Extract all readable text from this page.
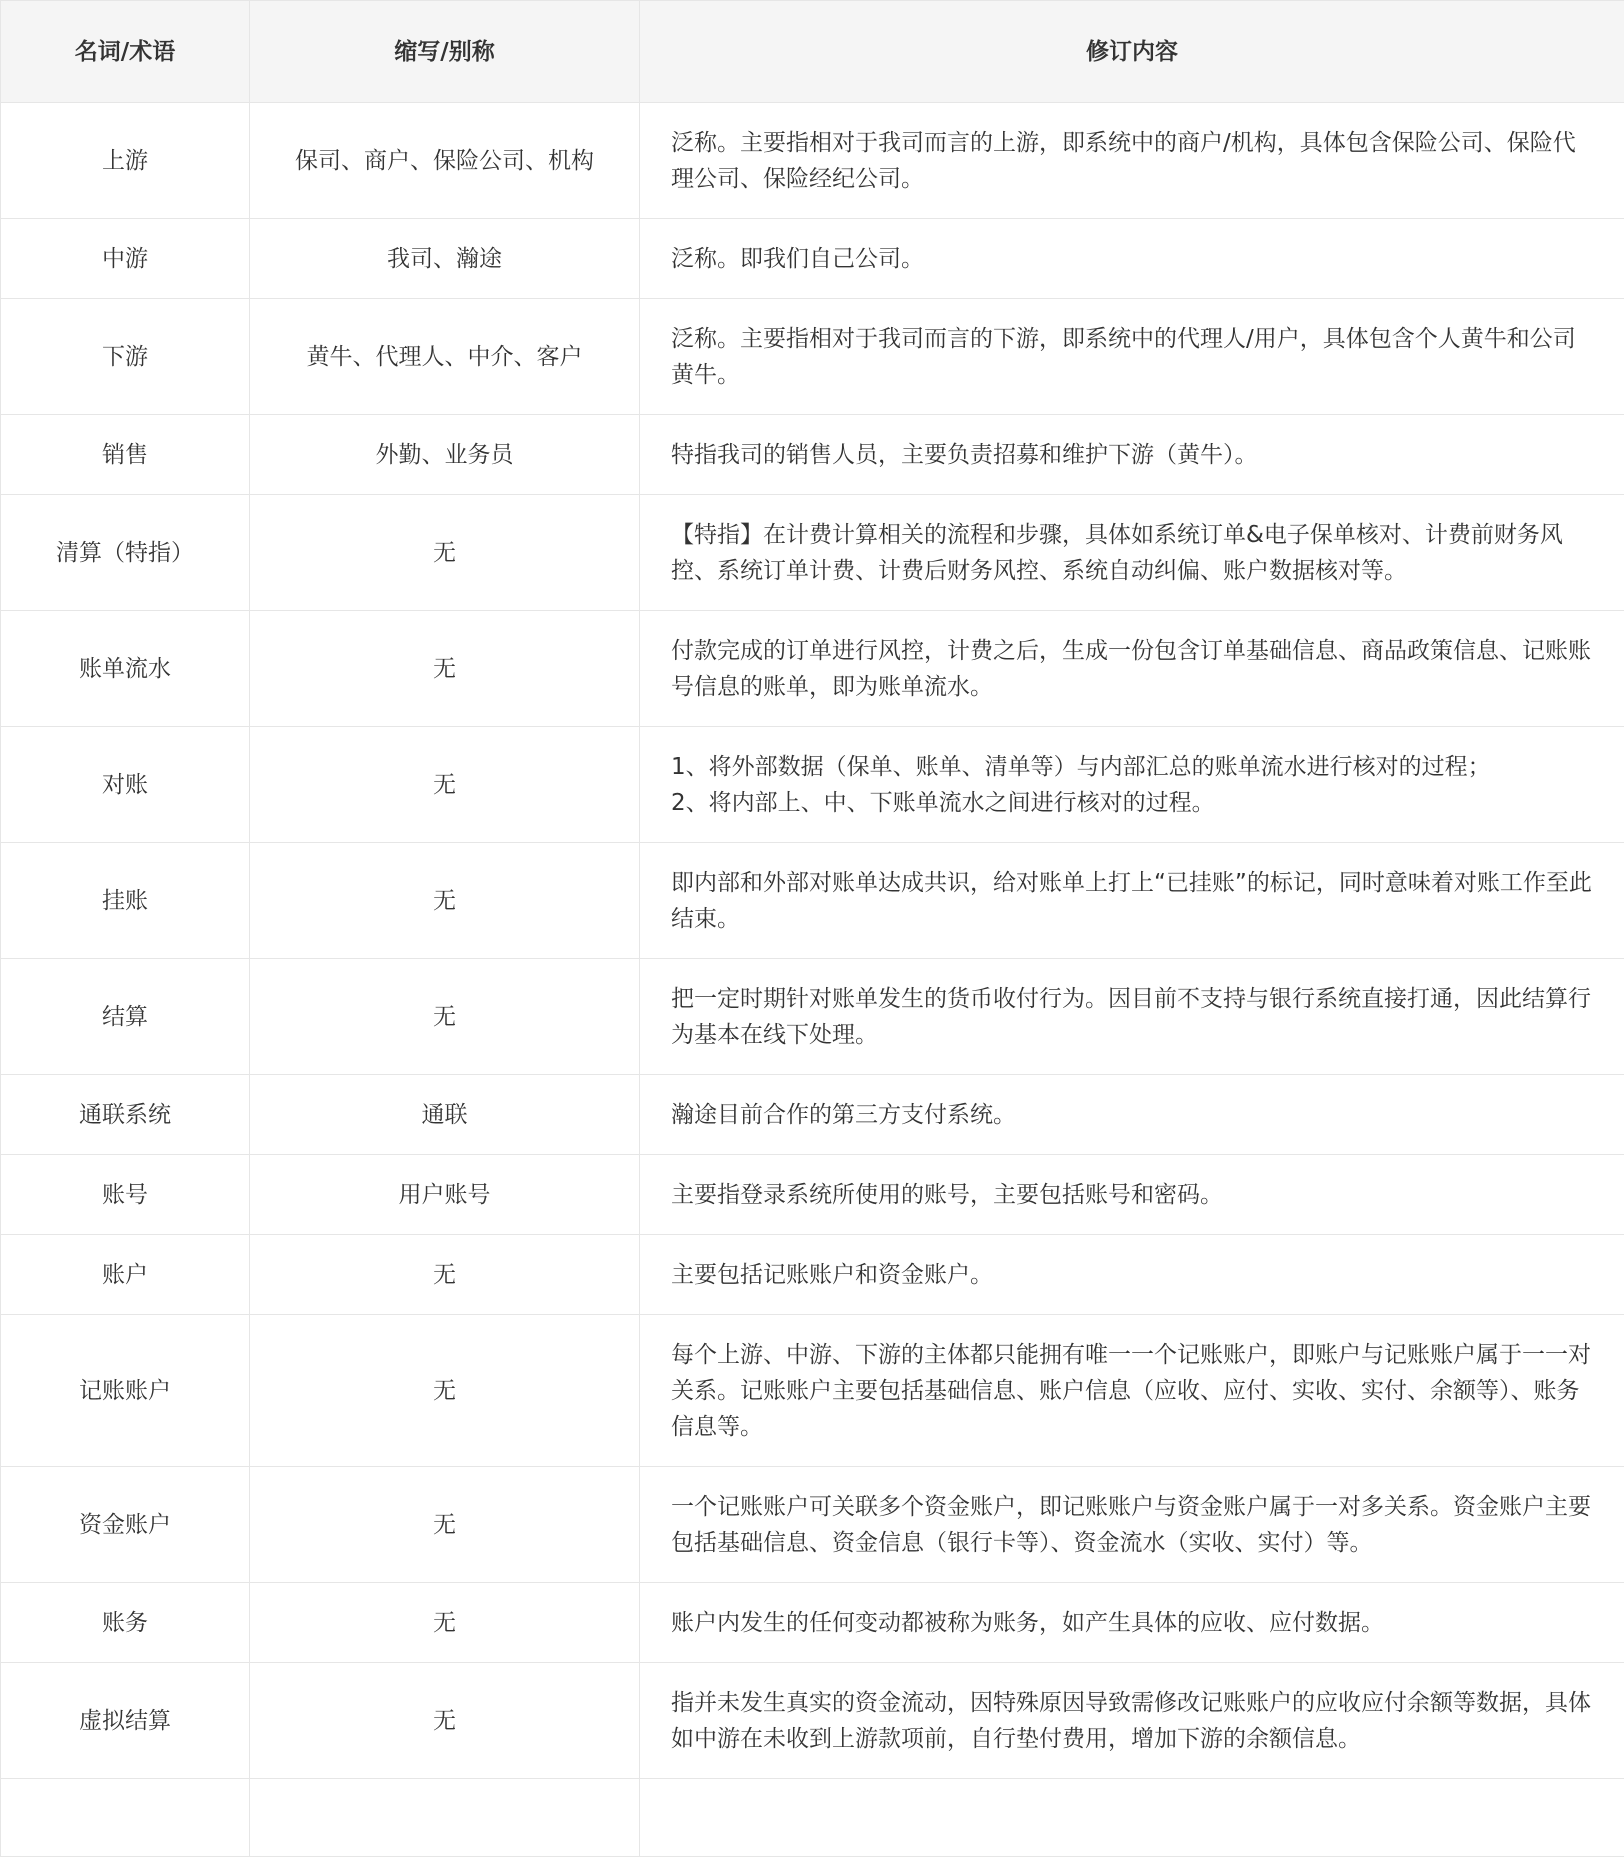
名词/术语	缩写/别称	修订内容
上游	保司、商户、保险公司、机构	泛称。主要指相对于我司而言的上游，即系统中的商户/机构，具体包含保险公司、保险代理公司、保险经纪公司。
中游	我司、瀚途	泛称。即我们自己公司。
下游	黄牛、代理人、中介、客户	泛称。主要指相对于我司而言的下游，即系统中的代理人/用户，具体包含个人黄牛和公司黄牛。
销售	外勤、业务员	特指我司的销售人员，主要负责招募和维护下游（黄牛）。
清算（特指）	无	【特指】在计费计算相关的流程和步骤，具体如系统订单&电子保单核对、计费前财务风控、系统订单计费、计费后财务风控、系统自动纠偏、账户数据核对等。
账单流水	无	付款完成的订单进行风控，计费之后，生成一份包含订单基础信息、商品政策信息、记账账号信息的账单，即为账单流水。
对账	无	1、将外部数据（保单、账单、清单等）与内部汇总的账单流水进行核对的过程；
2、将内部上、中、下账单流水之间进行核对的过程。
挂账	无	即内部和外部对账单达成共识，给对账单上打上“已挂账”的标记，同时意味着对账工作至此结束。
结算	无	把一定时期针对账单发生的货币收付行为。因目前不支持与银行系统直接打通，因此结算行为基本在线下处理。
通联系统	通联	瀚途目前合作的第三方支付系统。
账号	用户账号	主要指登录系统所使用的账号，主要包括账号和密码。
账户	无	主要包括记账账户和资金账户。
记账账户	无	每个上游、中游、下游的主体都只能拥有唯一一个记账账户，即账户与记账账户属于一一对关系。记账账户主要包括基础信息、账户信息（应收、应付、实收、实付、余额等）、账务信息等。
资金账户	无	一个记账账户可关联多个资金账户，即记账账户与资金账户属于一对多关系。资金账户主要包括基础信息、资金信息（银行卡等）、资金流水（实收、实付）等。
账务	无	账户内发生的任何变动都被称为账务，如产生具体的应收、应付数据。
虚拟结算	无	指并未发生真实的资金流动，因特殊原因导致需修改记账账户的应收应付余额等数据，具体如中游在未收到上游款项前，自行垫付费用，增加下游的余额信息。
